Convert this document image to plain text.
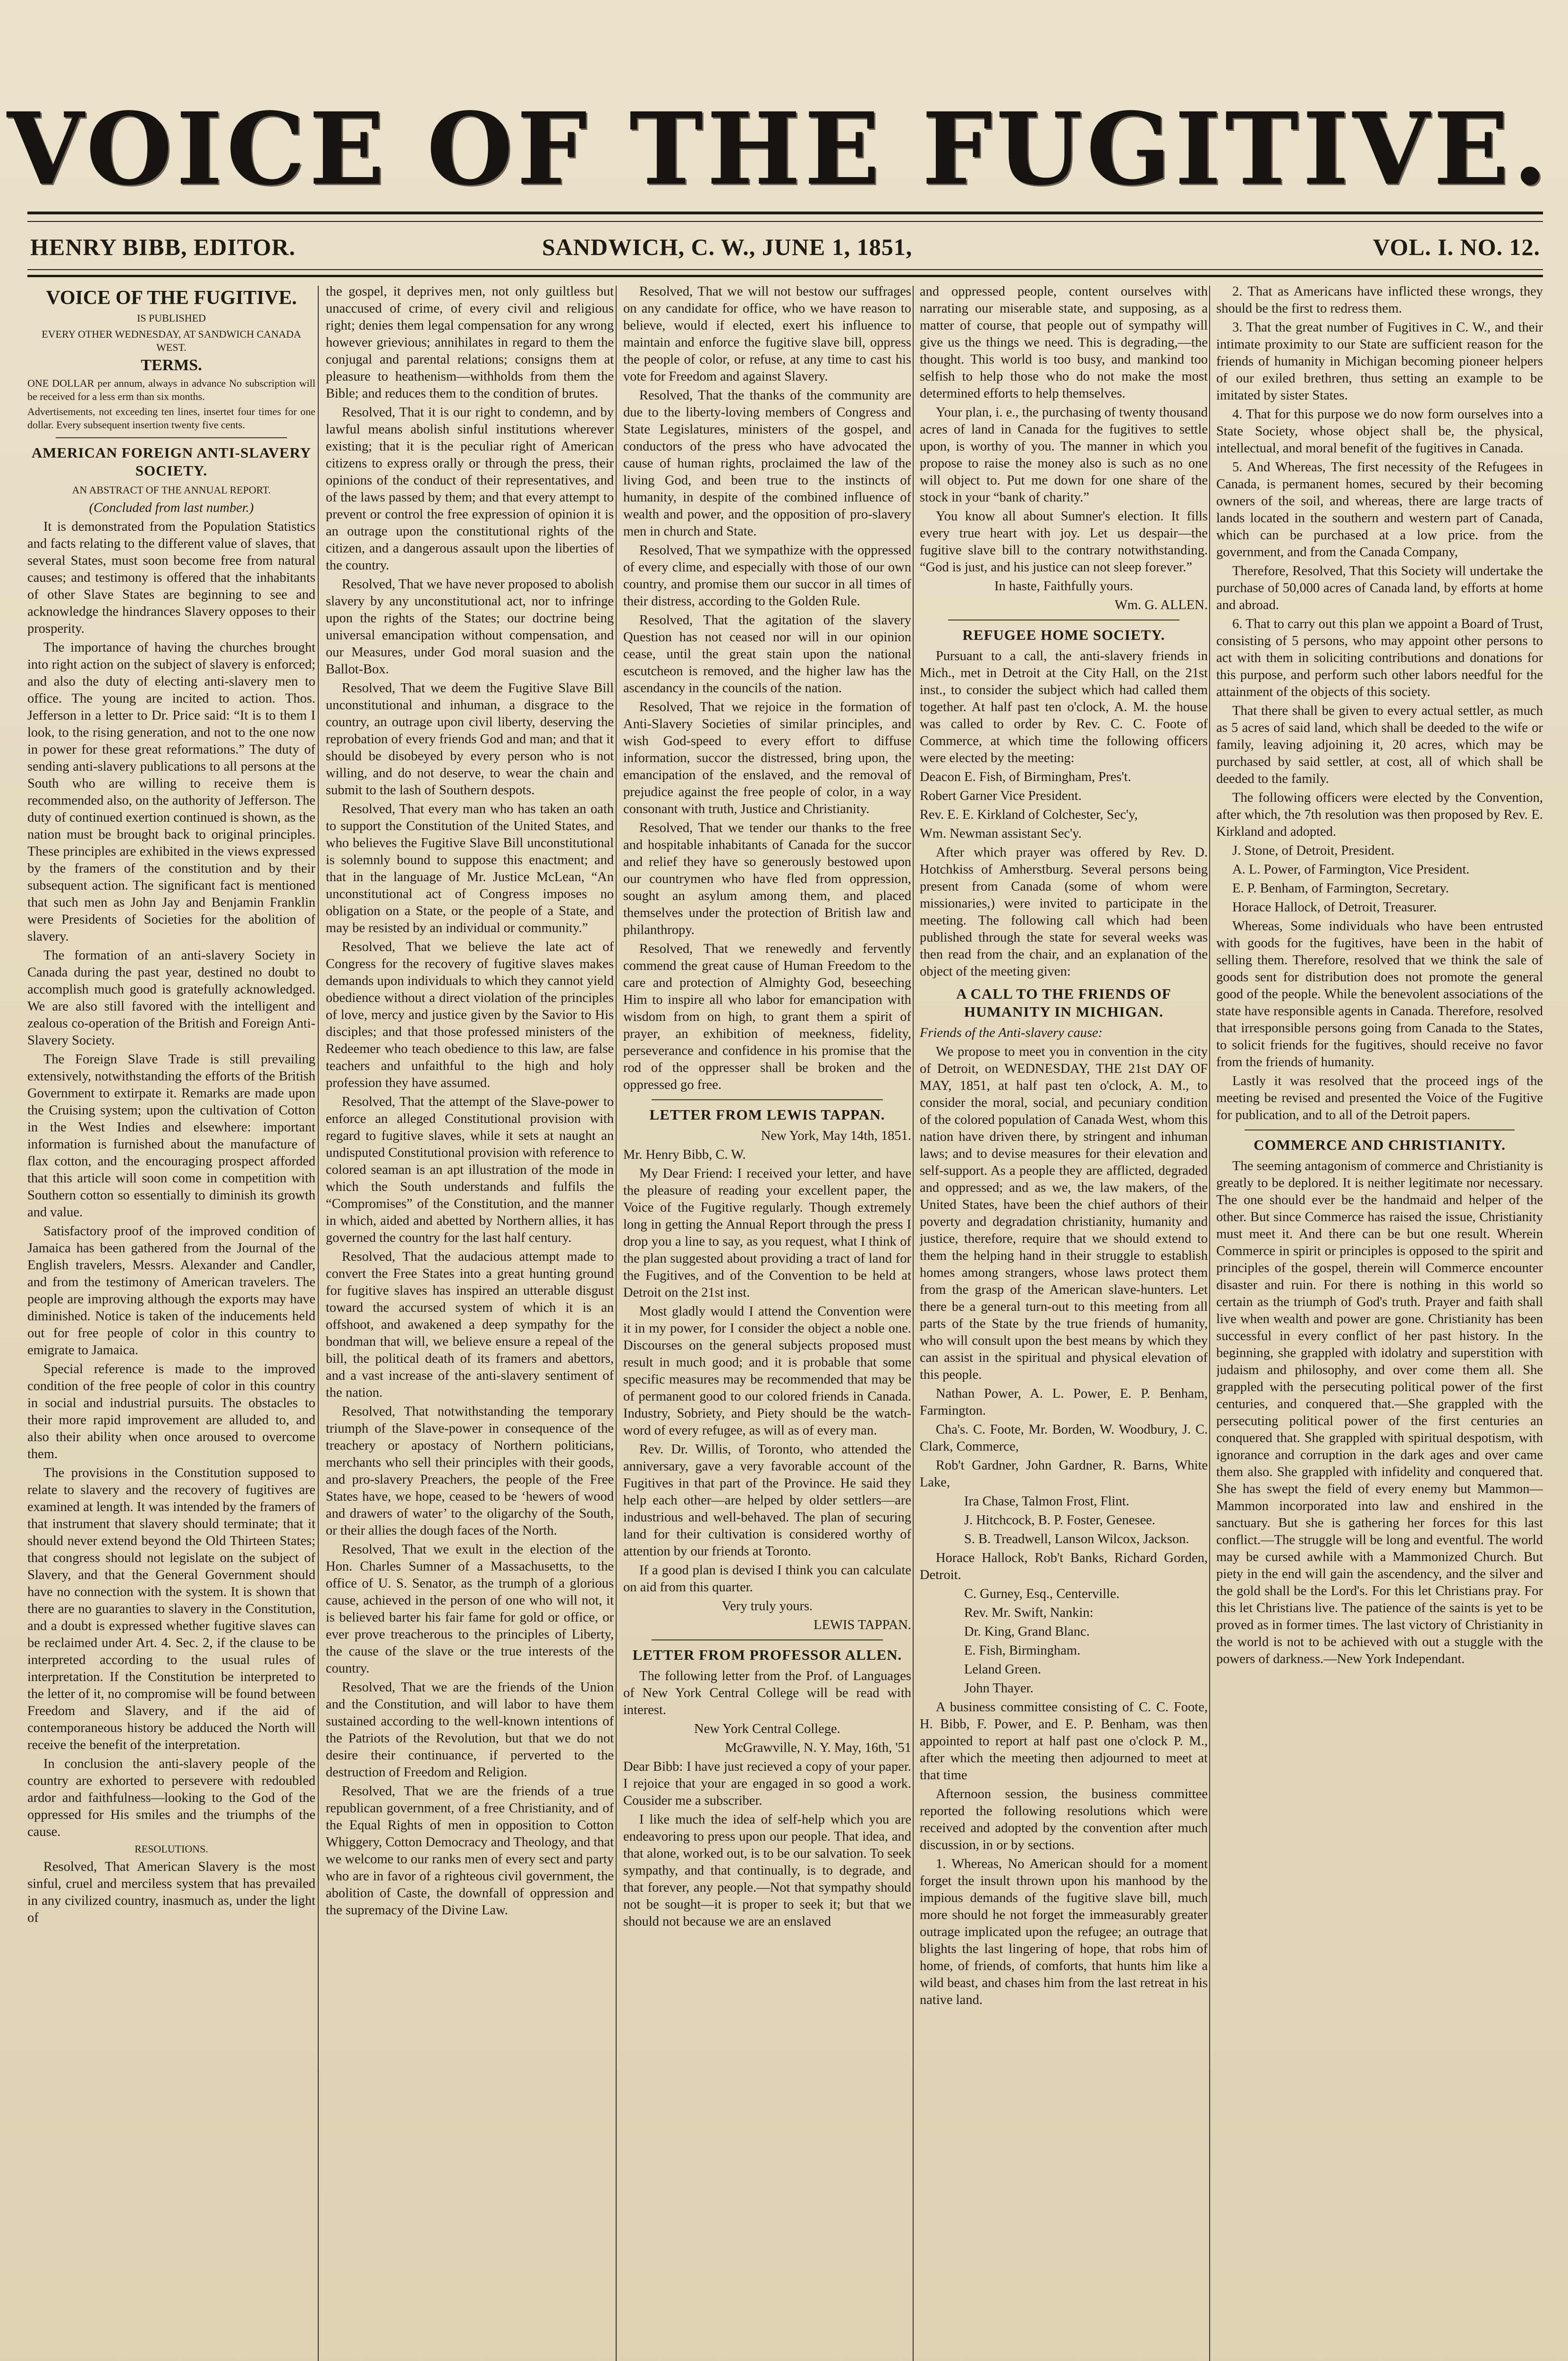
VOICE OF THE FUGITIVE.
HENRY BIBB, EDITOR.	SANDWICH, C. W., JUNE 1, 1851,	VOL. I. NO. 12.
VOICE OF THE FUGITIVE.
IS PUBLISHED
EVERY OTHER WEDNESDAY, AT SANDWICH CANADA WEST.
TERMS.

ONE DOLLAR per annum, always in advance No subscription will be received for a less erm than six months.

Advertisements, not exceeding ten lines, insertet four times for one dollar. Every subsequent insertion twenty five cents.

AMERICAN FOREIGN ANTI-SLAVERY SOCIETY.
AN ABSTRACT OF THE ANNUAL REPORT.

(Concluded from last number.)

It is demonstrated from the Population Statistics and facts relating to the different value of slaves, that several States, must soon become free from natural causes; and testimony is offered that the inhabitants of other Slave States are beginning to see and acknowledge the hindrances Slavery opposes to their prosperity.

The importance of having the churches brought into right action on the subject of slavery is enforced; and also the duty of electing anti-slavery men to office. The young are incited to action. Thos. Jefferson in a letter to Dr. Price said: “It is to them I look, to the rising generation, and not to the one now in power for these great reformations.” The duty of sending anti-slavery publications to all persons at the South who are willing to receive them is recommended also, on the authority of Jefferson. The duty of continued exertion continued is shown, as the nation must be brought back to original principles. These principles are exhibited in the views expressed by the framers of the constitution and by their subsequent action. The significant fact is mentioned that such men as John Jay and Benjamin Franklin were Presidents of Societies for the abolition of slavery.

The formation of an anti-slavery Society in Canada during the past year, destined no doubt to accomplish much good is gratefully acknowledged. We are also still favored with the intelligent and zealous co-operation of the British and Foreign Anti-Slavery Society.

The Foreign Slave Trade is still prevailing extensively, notwithstanding the efforts of the British Government to extirpate it. Remarks are made upon the Cruising system; upon the cultivation of Cotton in the West Indies and elsewhere: important information is furnished about the manufacture of flax cotton, and the encouraging prospect afforded that this article will soon come in competition with Southern cotton so essentially to diminish its growth and value.

Satisfactory proof of the improved condition of Jamaica has been gathered from the Journal of the English travelers, Messrs. Alexander and Candler, and from the testimony of American travelers. The people are improving although the exports may have diminished. Notice is taken of the inducements held out for free people of color in this country to emigrate to Jamaica.

Special reference is made to the improved condition of the free people of color in this country in social and industrial pursuits. The obstacles to their more rapid improvement are alluded to, and also their ability when once aroused to overcome them.

The provisions in the Constitution supposed to relate to slavery and the recovery of fugitives are examined at length. It was intended by the framers of that instrument that slavery should terminate; that it should never extend beyond the Old Thirteen States; that congress should not legislate on the subject of Slavery, and that the General Government should have no connection with the system. It is shown that there are no guaranties to slavery in the Constitution, and a doubt is expressed whether fugitive slaves can be reclaimed under Art. 4. Sec. 2, if the clause to be interpreted according to the usual rules of interpretation. If the Constitution be interpreted to the letter of it, no compromise will be found between Freedom and Slavery, and if the aid of contemporaneous history be adduced the North will receive the benefit of the interpretation.

In conclusion the anti-slavery people of the country are exhorted to persevere with redoubled ardor and faithfulness—looking to the God of the oppressed for His smiles and the triumphs of the cause.

RESOLUTIONS.

Resolved, That American Slavery is the most sinful, cruel and merciless system that has prevailed in any civilized country, inasmuch as, under the light of

the gospel, it deprives men, not only guiltless but unaccused of crime, of every civil and religious right; denies them legal compensation for any wrong however grievious; annihilates in regard to them the conjugal and parental relations; consigns them at pleasure to heathenism—withholds from them the Bible; and reduces them to the condition of brutes.

Resolved, That it is our right to condemn, and by lawful means abolish sinful institutions wherever existing; that it is the peculiar right of American citizens to express orally or through the press, their opinions of the conduct of their representatives, and of the laws passed by them; and that every attempt to prevent or control the free expression of opinion it is an outrage upon the constitutional rights of the citizen, and a dangerous assault upon the liberties of the country.

Resolved, That we have never proposed to abolish slavery by any unconstitutional act, nor to infringe upon the rights of the States; our doctrine being universal emancipation without compensation, and our Measures, under God moral suasion and the Ballot-Box.

Resolved, That we deem the Fugitive Slave Bill unconstitutional and inhuman, a disgrace to the country, an outrage upon civil liberty, deserving the reprobation of every friends God and man; and that it should be disobeyed by every person who is not willing, and do not deserve, to wear the chain and submit to the lash of Southern despots.

Resolved, That every man who has taken an oath to support the Constitution of the United States, and who believes the Fugitive Slave Bill unconstitutional is solemnly bound to suppose this enactment; and that in the language of Mr. Justice McLean, “An unconstitutional act of Congress imposes no obligation on a State, or the people of a State, and may be resisted by an individual or community.”

Resolved, That we believe the late act of Congress for the recovery of fugitive slaves makes demands upon individuals to which they cannot yield obedience without a direct violation of the principles of love, mercy and justice given by the Savior to His disciples; and that those professed ministers of the Redeemer who teach obedience to this law, are false teachers and unfaithful to the high and holy profession they have assumed.

Resolved, That the attempt of the Slave-power to enforce an alleged Constitutional provision with regard to fugitive slaves, while it sets at naught an undisputed Constitutional provision with reference to colored seaman is an apt illustration of the mode in which the South understands and fulfils the “Compromises” of the Constitution, and the manner in which, aided and abetted by Northern allies, it has governed the country for the last half century.

Resolved, That the audacious attempt made to convert the Free States into a great hunting ground for fugitive slaves has inspired an utterable disgust toward the accursed system of which it is an offshoot, and awakened a deep sympathy for the bondman that will, we believe ensure a repeal of the bill, the political death of its framers and abettors, and a vast increase of the anti-slavery sentiment of the nation.

Resolved, That notwithstanding the temporary triumph of the Slave-power in consequence of the treachery or apostacy of Northern politicians, merchants who sell their principles with their goods, and pro-slavery Preachers, the people of the Free States have, we hope, ceased to be ‘hewers of wood and drawers of water’ to the oligarchy of the South, or their allies the dough faces of the North.

Resolved, That we exult in the election of the Hon. Charles Sumner of a Massachusetts, to the office of U. S. Senator, as the trumph of a glorious cause, achieved in the person of one who will not, it is believed barter his fair fame for gold or office, or ever prove treacherous to the principles of Liberty, the cause of the slave or the true interests of the country.

Resolved, That we are the friends of the Union and the Constitution, and will labor to have them sustained according to the well-known intentions of the Patriots of the Revolution, but that we do not desire their continuance, if perverted to the destruction of Freedom and Religion.

Resolved, That we are the friends of a true republican government, of a free Christianity, and of the Equal Rights of men in opposition to Cotton Whiggery, Cotton Democracy and Theology, and that we welcome to our ranks men of every sect and party who are in favor of a righteous civil government, the abolition of Caste, the downfall of oppression and the supremacy of the Divine Law.

Resolved, That we will not bestow our suffrages on any candidate for office, who we have reason to believe, would if elected, exert his influence to maintain and enforce the fugitive slave bill, oppress the people of color, or refuse, at any time to cast his vote for Freedom and against Slavery.

Resolved, That the thanks of the community are due to the liberty-loving members of Congress and State Legislatures, ministers of the gospel, and conductors of the press who have advocated the cause of human rights, proclaimed the law of the living God, and been true to the instincts of humanity, in despite of the combined influence of wealth and power, and the opposition of pro-slavery men in church and State.

Resolved, That we sympathize with the oppressed of every clime, and especially with those of our own country, and promise them our succor in all times of their distress, according to the Golden Rule.

Resolved, That the agitation of the slavery Question has not ceased nor will in our opinion cease, until the great stain upon the national escutcheon is removed, and the higher law has the ascendancy in the councils of the nation.

Resolved, That we rejoice in the formation of Anti-Slavery Societies of similar principles, and wish God-speed to every effort to diffuse information, succor the distressed, bring upon, the emancipation of the enslaved, and the removal of prejudice against the free people of color, in a way consonant with truth, Justice and Christianity.

Resolved, That we tender our thanks to the free and hospitable inhabitants of Canada for the succor and relief they have so generously bestowed upon our countrymen who have fled from oppression, sought an asylum among them, and placed themselves under the protection of British law and philanthropy.

Resolved, That we renewedly and fervently commend the great cause of Human Freedom to the care and protection of Almighty God, beseeching Him to inspire all who labor for emancipation with wisdom from on high, to grant them a spirit of prayer, an exhibition of meekness, fidelity, perseverance and confidence in his promise that the rod of the oppresser shall be broken and the oppressed go free.

LETTER FROM LEWIS TAPPAN.

New York, May 14th, 1851.

Mr. Henry Bibb, C. W.

My Dear Friend: I received your letter, and have the pleasure of reading your excellent paper, the Voice of the Fugitive regularly. Though extremely long in getting the Annual Report through the press I drop you a line to say, as you request, what I think of the plan suggested about providing a tract of land for the Fugitives, and of the Convention to be held at Detroit on the 21st inst.

Most gladly would I attend the Convention were it in my power, for I consider the object a noble one. Discourses on the general subjects proposed must result in much good; and it is probable that some specific measures may be recommended that may be of permanent good to our colored friends in Canada. Industry, Sobriety, and Piety should be the watch-word of every refugee, as will as of every man.

Rev. Dr. Willis, of Toronto, who attended the anniversary, gave a very favorable account of the Fugitives in that part of the Province. He said they help each other—are helped by older settlers—are industrious and well-behaved. The plan of securing land for their cultivation is considered worthy of attention by our friends at Toronto.

If a good plan is devised I think you can calculate on aid from this quarter.

Very truly yours.

LEWIS TAPPAN.

LETTER FROM PROFESSOR ALLEN.

The following letter from the Prof. of Languages of New York Central College will be read with interest.

New York Central College.

McGrawville, N. Y. May, 16th, '51

Dear Bibb: I have just recieved a copy of your paper. I rejoice that your are engaged in so good a work. Cousider me a subscriber.

I like much the idea of self-help which you are endeavoring to press upon our people. That idea, and that alone, worked out, is to be our salvation. To seek sympathy, and that continually, is to degrade, and that forever, any people.—Not that sympathy should not be sought—it is proper to seek it; but that we should not because we are an enslaved

and oppressed people, content ourselves with narrating our miserable state, and supposing, as a matter of course, that people out of sympathy will give us the things we need. This is degrading,—the thought. This world is too busy, and mankind too selfish to help those who do not make the most determined efforts to help themselves.

Your plan, i. e., the purchasing of twenty thousand acres of land in Canada for the fugitives to settle upon, is worthy of you. The manner in which you propose to raise the money also is such as no one will object to. Put me down for one share of the stock in your “bank of charity.”

You know all about Sumner's election. It fills every true heart with joy. Let us despair—the fugitive slave bill to the contrary notwithstanding. “God is just, and his justice can not sleep forever.”

In haste, Faithfully yours.

Wm. G. ALLEN.

REFUGEE HOME SOCIETY.

Pursuant to a call, the anti-slavery friends in Mich., met in Detroit at the City Hall, on the 21st inst., to consider the subject which had called them together. At half past ten o'clock, A. M. the house was called to order by Rev. C. C. Foote of Commerce, at which time the following officers were elected by the meeting:

Deacon E. Fish, of Birmingham, Pres't.

Robert Garner Vice President.

Rev. E. E. Kirkland of Colchester, Sec'y,

Wm. Newman assistant Sec'y.

After which prayer was offered by Rev. D. Hotchkiss of Amherstburg. Several persons being present from Canada (some of whom were missionaries,) were invited to participate in the meeting. The following call which had been published through the state for several weeks was then read from the chair, and an explanation of the object of the meeting given:

A CALL TO THE FRIENDS OF HUMANITY IN MICHIGAN.

Friends of the Anti-slavery cause:

We propose to meet you in convention in the city of Detroit, on WEDNESDAY, THE 21st DAY OF MAY, 1851, at half past ten o'clock, A. M., to consider the moral, social, and pecuniary condition of the colored population of Canada West, whom this nation have driven there, by stringent and inhuman laws; and to devise measures for their elevation and self-support. As a people they are afflicted, degraded and oppressed; and as we, the law makers, of the United States, have been the chief authors of their poverty and degradation christianity, humanity and justice, therefore, require that we should extend to them the helping hand in their struggle to establish homes among strangers, whose laws protect them from the grasp of the American slave-hunters. Let there be a general turn-out to this meeting from all parts of the State by the true friends of humanity, who will consult upon the best means by which they can assist in the spiritual and physical elevation of this people.

Nathan Power, A. L. Power, E. P. Benham, Farmington.

Cha's. C. Foote, Mr. Borden, W. Woodbury, J. C. Clark, Commerce,

Rob't Gardner, John Gardner, R. Barns, White Lake,

Ira Chase, Talmon Frost, Flint.

J. Hitchcock, B. P. Foster, Genesee.

S. B. Treadwell, Lanson Wilcox, Jackson.

Horace Hallock, Rob't Banks, Richard Gorden, Detroit.

C. Gurney, Esq., Centerville.

Rev. Mr. Swift, Nankin:

Dr. King, Grand Blanc.

E. Fish, Birmingham.

Leland Green.

John Thayer.

A business committee consisting of C. C. Foote, H. Bibb, F. Power, and E. P. Benham, was then appointed to report at half past one o'clock P. M., after which the meeting then adjourned to meet at that time

Afternoon session, the business committee reported the following resolutions which were received and adopted by the convention after much discussion, in or by sections.

1. Whereas, No American should for a moment forget the insult thrown upon his manhood by the impious demands of the fugitive slave bill, much more should he not forget the immeasurably greater outrage implicated upon the refugee; an outrage that blights the last lingering of hope, that robs him of home, of friends, of comforts, that hunts him like a wild beast, and chases him from the last retreat in his native land.

2. That as Americans have inflicted these wrongs, they should be the first to redress them.

3. That the great number of Fugitives in C. W., and their intimate proximity to our State are sufficient reason for the friends of humanity in Michigan becoming pioneer helpers of our exiled brethren, thus setting an example to be imitated by sister States.

4. That for this purpose we do now form ourselves into a State Society, whose object shall be, the physical, intellectual, and moral benefit of the fugitives in Canada.

5. And Whereas, The first necessity of the Refugees in Canada, is permanent homes, secured by their becoming owners of the soil, and whereas, there are large tracts of lands located in the southern and western part of Canada, which can be purchased at a low price. from the government, and from the Canada Company,

Therefore, Resolved, That this Society will undertake the purchase of 50,000 acres of Canada land, by efforts at home and abroad.

6. That to carry out this plan we appoint a Board of Trust, consisting of 5 persons, who may appoint other persons to act with them in soliciting contributions and donations for this purpose, and perform such other labors needful for the attainment of the objects of this society.

That there shall be given to every actual settler, as much as 5 acres of said land, which shall be deeded to the wife or family, leaving adjoining it, 20 acres, which may be purchased by said settler, at cost, all of which shall be deeded to the family.

The following officers were elected by the Convention, after which, the 7th resolution was then proposed by Rev. E. Kirkland and adopted.

J. Stone, of Detroit, President.

A. L. Power, of Farmington, Vice President.

E. P. Benham, of Farmington, Secretary.

Horace Hallock, of Detroit, Treasurer.

Whereas, Some individuals who have been entrusted with goods for the fugitives, have been in the habit of selling them. Therefore, resolved that we think the sale of goods sent for distribution does not promote the general good of the people. While the benevolent associations of the state have responsible agents in Canada. Therefore, resolved that irresponsible persons going from Canada to the States, to solicit friends for the fugitives, should receive no favor from the friends of humanity.

Lastly it was resolved that the proceed ings of the meeting be revised and presented the Voice of the Fugitive for publication, and to all of the Detroit papers.

COMMERCE AND CHRISTIANITY.

The seeming antagonism of commerce and Christianity is greatly to be deplored. It is neither legitimate nor necessary. The one should ever be the handmaid and helper of the other. But since Commerce has raised the issue, Christianity must meet it. And there can be but one result. Wherein Commerce in spirit or principles is opposed to the spirit and principles of the gospel, therein will Commerce encounter disaster and ruin. For there is nothing in this world so certain as the triumph of God's truth. Prayer and faith shall live when wealth and power are gone. Christianity has been successful in every conflict of her past history. In the beginning, she grappled with idolatry and superstition with judaism and philosophy, and over come them all. She grappled with the persecuting political power of the first centuries, and conquered that.—She grappled with the persecuting political power of the first centuries an conquered that. She grappled with spiritual despotism, with ignorance and corruption in the dark ages and over came them also. She grappled with infidelity and conquered that. She has swept the field of every enemy but Mammon—Mammon incorporated into law and enshired in the sanctuary. But she is gathering her forces for this last conflict.—The struggle will be long and eventful. The world may be cursed awhile with a Mammonized Church. But piety in the end will gain the ascendency, and the silver and the gold shall be the Lord's. For this let Christians pray. For this let Christians live. The patience of the saints is yet to be proved as in former times. The last victory of Christianity in the world is not to be achieved with out a stuggle with the powers of darkness.—New York Independant.
